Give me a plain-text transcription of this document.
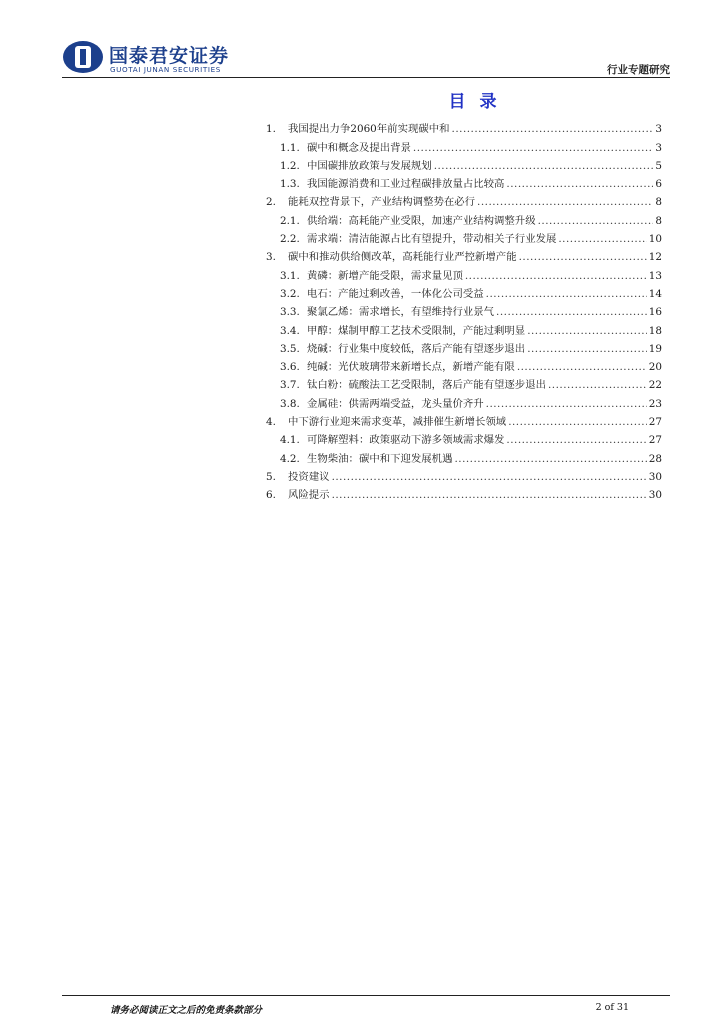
国泰君安证券
GUOTAI JUNAN SECURITIES	行业专题研究
目 录
1.	我国提出力争2060年前实现碳中和 .....	3
1.1. 碳中和概念及提出背景 .....	3
1.2. 中国碳排放政策与发展规划 .....	5
1.3. 我国能源消费和工业过程碳排放量占比较高 .....	6
2.	能耗双控背景下，产业结构调整势在必行 .....	8
2.1. 供给端：高耗能产业受限，加速产业结构调整升级 .....	8
2.2. 需求端：清洁能源占比有望提升，带动相关子行业发展 .....	10
3.	碳中和推动供给侧改革，高耗能行业严控新增产能 .....	12
3.1. 黄磷：新增产能受限，需求量见顶 .....	13
3.2. 电石：产能过剩改善，一体化公司受益 .....	14
3.3. 聚氯乙烯：需求增长，有望维持行业景气 .....	16
3.4. 甲醇：煤制甲醇工艺技术受限制，产能过剩明显 .....	18
3.5. 烧碱：行业集中度较低，落后产能有望逐步退出 .....	19
3.6. 纯碱：光伏玻璃带来新增长点，新增产能有限 .....	20
3.7. 钛白粉：硫酸法工艺受限制，落后产能有望逐步退出 .....	22
3.8. 金属硅：供需两端受益，龙头量价齐升 .....	23
4.	中下游行业迎来需求变革，减排催生新增长领域 .....	27
4.1. 可降解塑料：政策驱动下游多领域需求爆发 .....	27
4.2. 生物柴油：碳中和下迎发展机遇 .....	28
5.	投资建议 .....	30
6.	风险提示 .....	30
请务必阅读正文之后的免责条款部分	2 of 31
